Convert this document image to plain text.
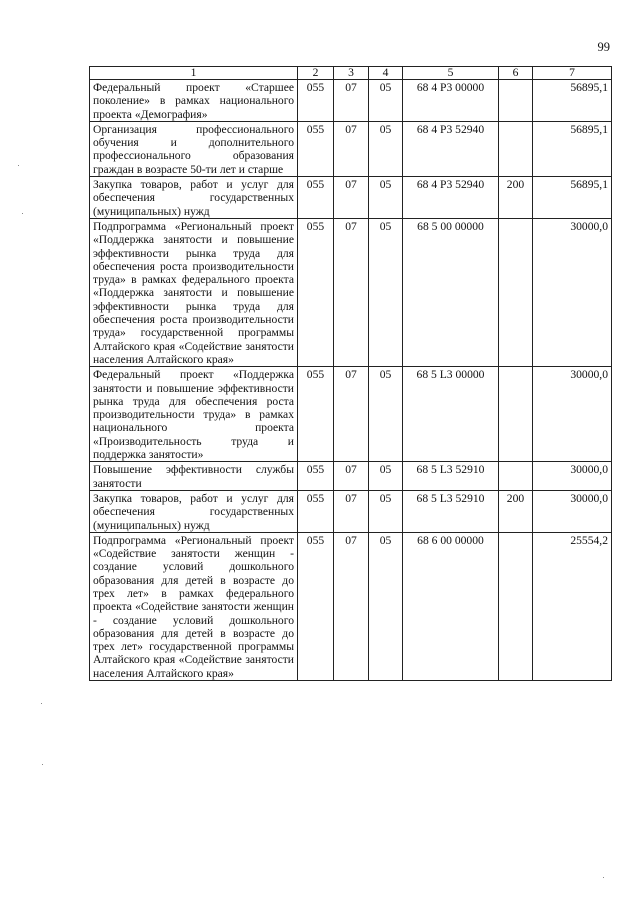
99
1	2	3	4	5	6	7
Федеральный проект «Старшее поколение» в рамках национального проекта «Демография»	055	07	05	68 4 P3 00000		56895,1
Организация профессионального обучения и дополнительного профессионального образования граждан в возрасте 50-ти лет и старше	055	07	05	68 4 P3 52940		56895,1
Закупка товаров, работ и услуг для обеспечения государственных (муниципальных) нужд	055	07	05	68 4 P3 52940	200	56895,1
Подпрограмма «Региональный проект «Поддержка занятости и повышение эффективности рынка труда для обеспечения роста производительности труда» в рамках федерального проекта «Поддержка занятости и повышение эффективности рынка труда для обеспечения роста производительности труда» государственной программы Алтайского края «Содействие занятости населения Алтайского края»	055	07	05	68 5 00 00000		30000,0
Федеральный проект «Поддержка занятости и повышение эффективности рынка труда для обеспечения роста производительности труда» в рамках национального проекта «Производительность труда и поддержка занятости»	055	07	05	68 5 L3 00000		30000,0
Повышение эффективности службы занятости	055	07	05	68 5 L3 52910		30000,0
Закупка товаров, работ и услуг для обеспечения государственных (муниципальных) нужд	055	07	05	68 5 L3 52910	200	30000,0
Подпрограмма «Региональный проект «Содействие занятости женщин - создание условий дошкольного образования для детей в возрасте до трех лет» в рамках федерального проекта «Содействие занятости женщин - создание условий дошкольного образования для детей в возрасте до трех лет» государственной программы Алтайского края «Содействие занятости населения Алтайского края»	055	07	05	68 6 00 00000		25554,2
